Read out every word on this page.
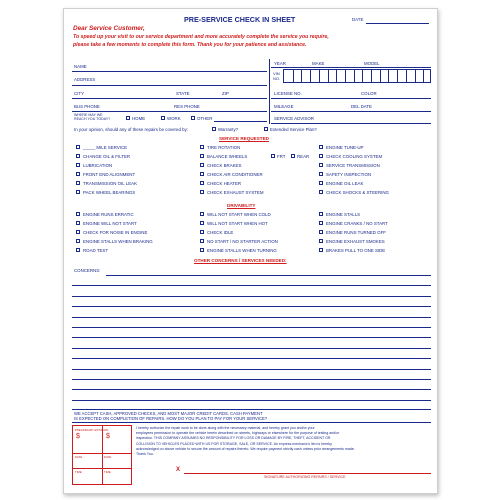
PRE-SERVICE CHECK IN SHEET	DATE
Dear Service Customer,
To speed up your visit to our service department and more accurately complete the service you require,
please take a few moments to complete this form. Thank you for your patience and assistance.
NAME
ADDRESS
CITY	STATE	ZIP
BUS PHONE	RES PHONE
WHERE MAY WE
REACH YOU TODAY?	HOME	WORK	OTHER
YEAR	MAKE	MODEL
VIN
NO.
LICENSE NO.	COLOR
MILEAGE	DEL DATE
SERVICE ADVISOR
In your opinion, should any of these repairs be covered by:	Warranty?	Extended Service Plan?
SERVICE REQUESTED
_____ MILE SERVICE
CHANGE OIL & FILTER
LUBRICATION
FRONT END ALIGNMENT
TRANSMISSION OIL LEAK
PACK WHEEL BEARINGS
TIRE ROTATION
BALANCE WHEELS
CHECK BRAKES
CHECK AIR CONDITIONER
CHECK HEATER
CHECK EXHAUST SYSTEM
ENGINE TUNE-UP
CHECK COOLING SYSTEM
SERVICE TRANSMISSION
SAFETY INSPECTION
ENGINE OIL LEAK
CHECK SHOCKS & STEERING
FRT	REAR
DRIVABILITY
ENGINE RUNS ERRATIC
ENGINE WILL NOT START
CHECK FOR NOISE IN ENGINE
ENGINE STALLS WHEN BRAKING
ROAD TEST
WILL NOT START WHEN COLD
WILL NOT START WHEN HOT
CHECK IDLE
NO START / NO STARTER ACTION
ENGINE STALLS WHEN TURNING
ENGINE STALLS
ENGINE CRANKS / NO START
ENGINE RUNS TURNED OFF
ENGINE EXHAUST SMOKES
BRAKES PULL TO ONE SIDE
OTHER CONCERNS / SERVICES NEEDED:
CONCERNS:
WE ACCEPT CASH, APPROVED CHECKS, AND MOST MAJOR CREDIT CARDS. CASH PAYMENT
IS EXPECTED ON COMPLETION OF REPAIRS. HOW DO YOU PLAN TO PAY FOR YOUR SERVICE?
PRELIMINARY ESTIMATE
$	$
DATE
TIME
DATE
TIME
I hereby authorize the repair work to be done along with the necessary material, and hereby grant you and/or your
employees permission to operate the vehicle herein described on streets, highways or elsewhere for the purpose of testing and/or
inspection. THIS COMPANY ASSUMES NO RESPONSIBILITY FOR LOSS OR DAMAGE BY FIRE, THEFT, ACCIDENT OR
COLLISION TO VEHICLES PLACED WITH US FOR STORAGE, SALE, OR SERVICE. An express mechanic's lien is hereby
acknowledged on above vehicle to secure the amount of repairs thereto. We require payment strictly cash unless prior arrangements made.
Thank You.
X
SIGNATURE AUTHORIZING REPAIRS / SERVICE
